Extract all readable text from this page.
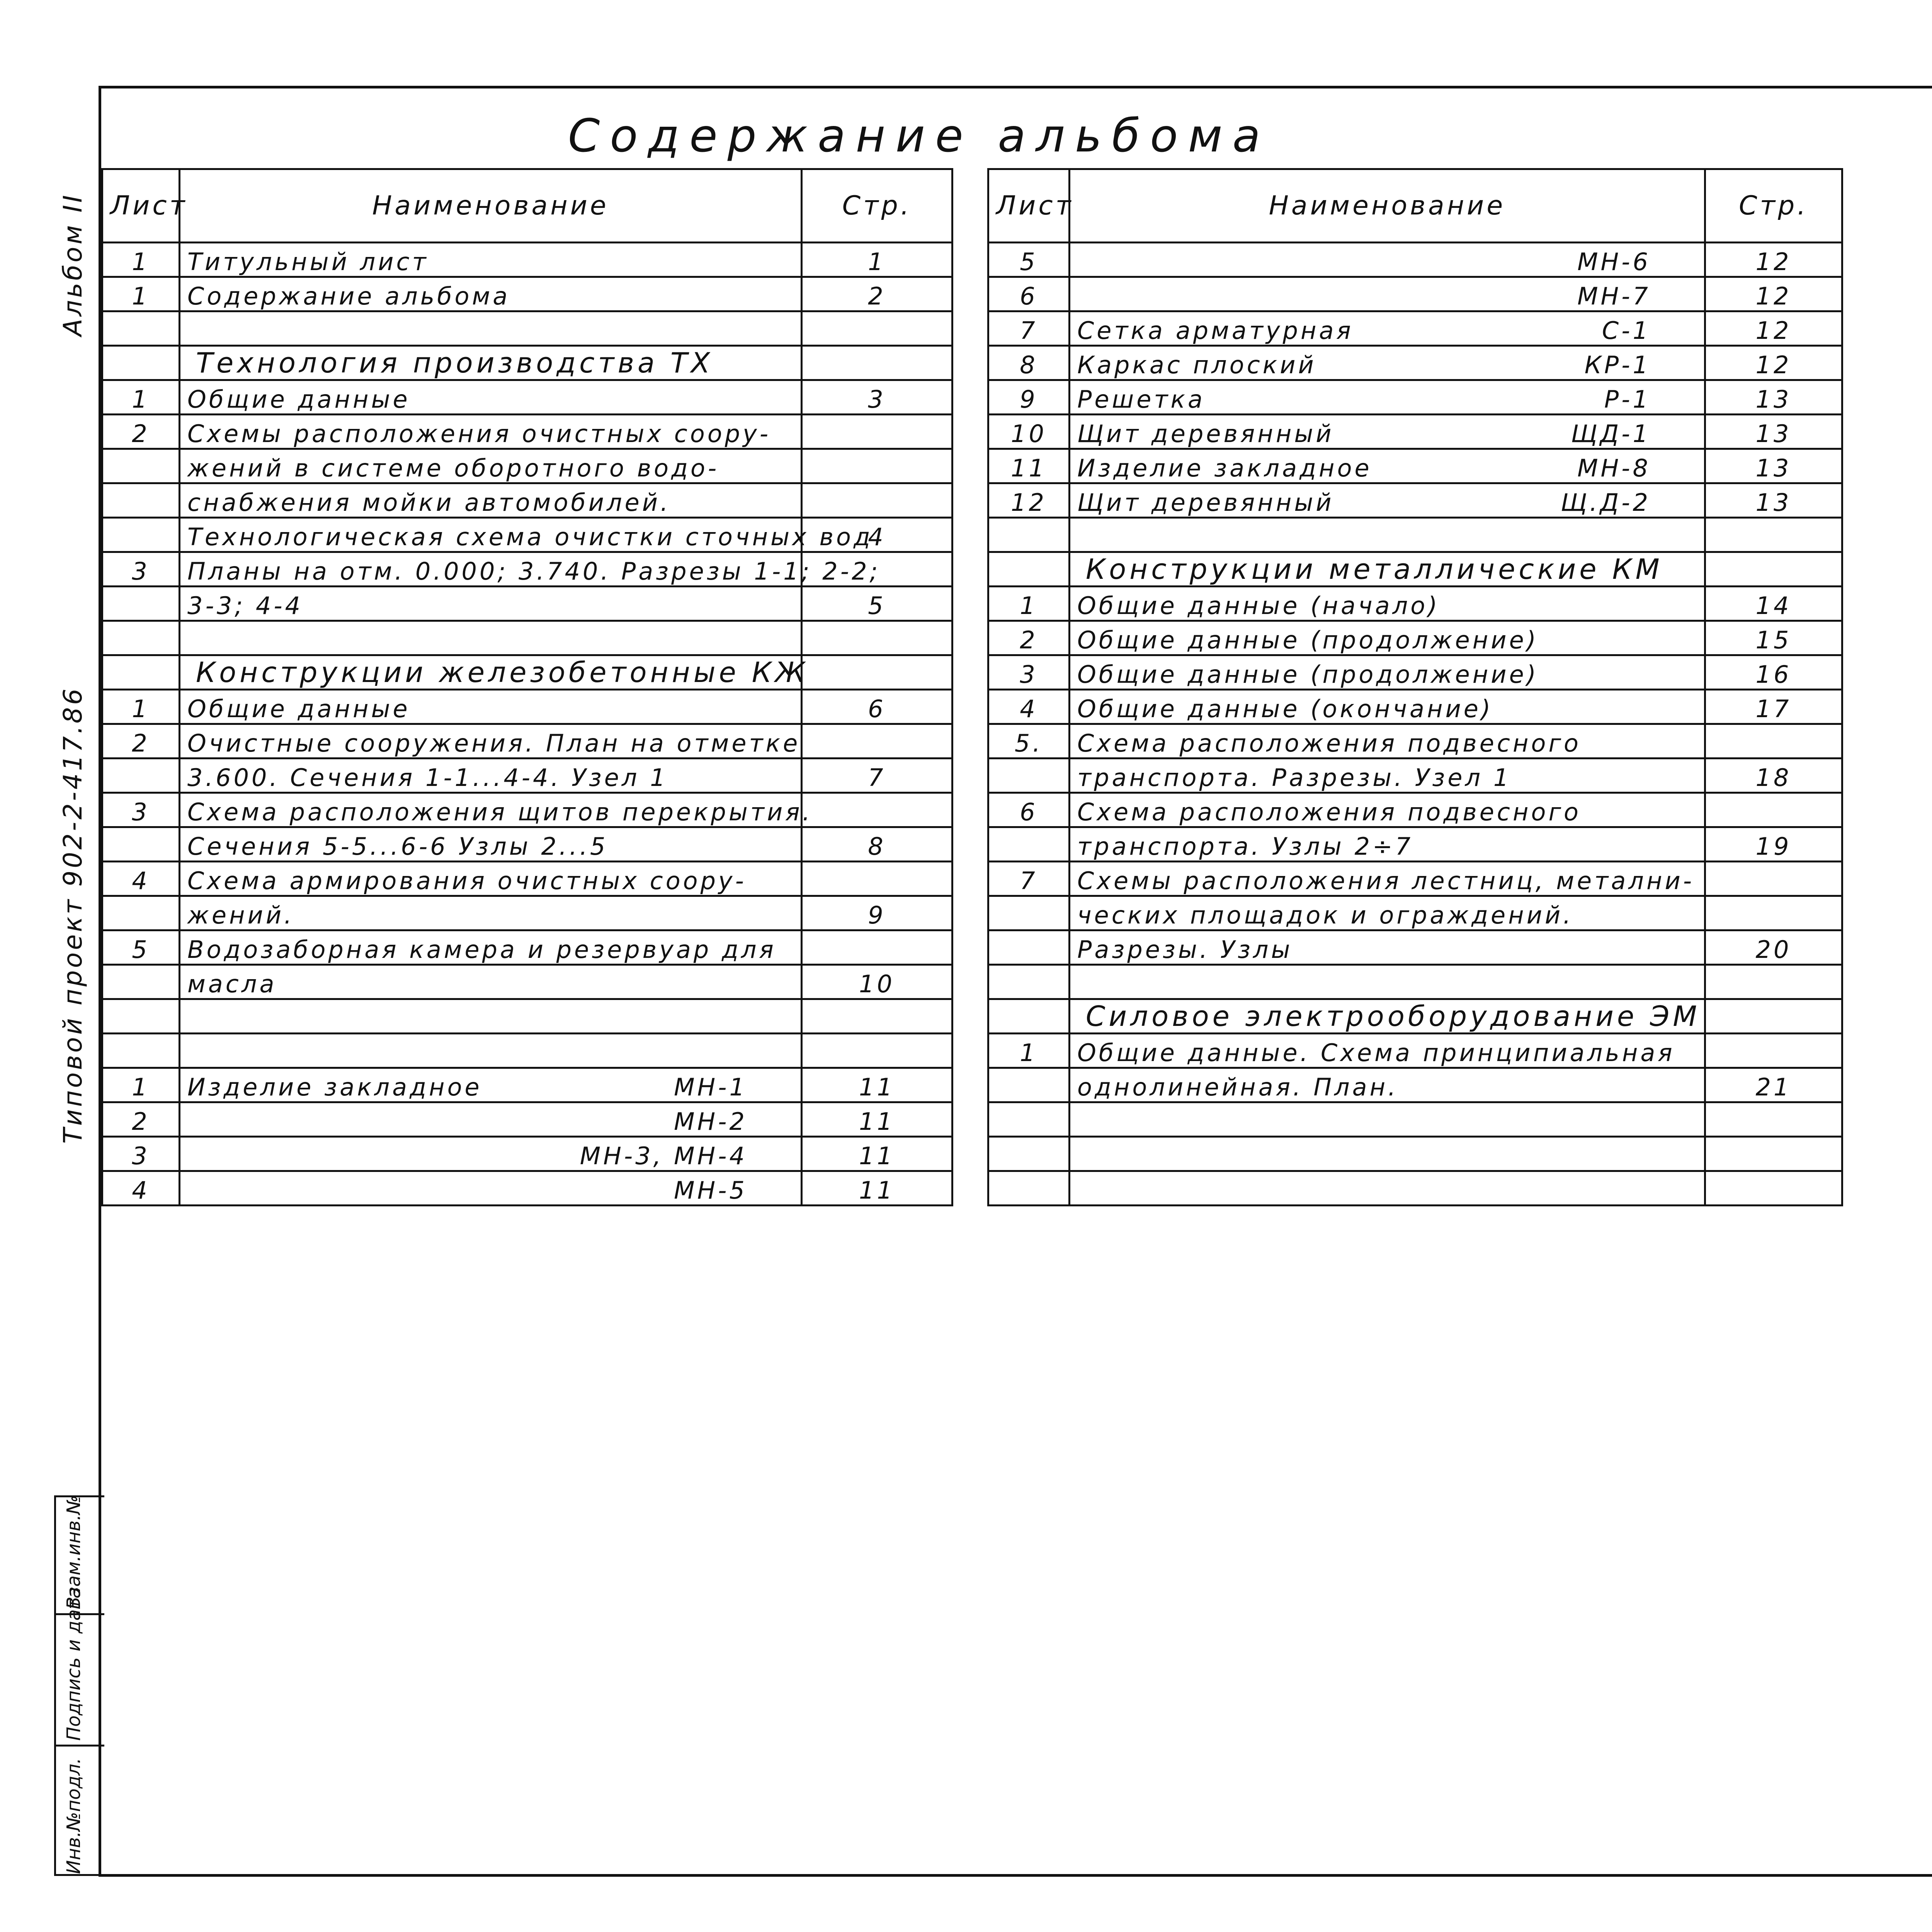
Содержание альбома
Альбом II
Типовой проект 902-2-417.86
Инв.№подл.
Подпись и дата
Взам.инв.№
Лист	Наименование	Стр.
1	Титульный лист	1
1	Содержание альбома	2

	Технология производства ТХ	
1	Общие данные	3
2	Схемы расположения очистных соору-	
	жений в системе оборотного водо-	
	снабжения мойки автомобилей.	
	Технологическая схема очистки сточных вод	4
3	Планы на отм. 0.000; 3.740. Разрезы 1-1; 2-2;	
	3-3; 4-4	5

	Конструкции железобетонные КЖ	
1	Общие данные	6
2	Очистные сооружения. План на отметке	
	3.600. Сечения 1-1...4-4. Узел 1	7
3	Схема расположения щитов перекрытия.	
	Сечения 5-5...6-6 Узлы 2...5	8
4	Схема армирования очистных соору-	
	жений.	9
5	Водозаборная камера и резервуар для	
	масла	10

1	Изделие закладное МН-1	11
2	МН-2	11
3	МН-3, МН-4	11
4	МН-5	11
Лист	Наименование	Стр.
5	МН-6	12
6	МН-7	12
7	Сетка арматурная С-1	12
8	Каркас плоский КР-1	12
9	Решетка Р-1	13
10	Щит деревянный ЩД-1	13
11	Изделие закладное МН-8	13
12	Щит деревянный Щ.Д-2	13

	Конструкции металлические КМ	
1	Общие данные (начало)	14
2	Общие данные (продолжение)	15
3	Общие данные (продолжение)	16
4	Общие данные (окончание)	17
5.	Схема расположения подвесного	
	транспорта. Разрезы. Узел 1	18
6	Схема расположения подвесного	
	транспорта. Узлы 2÷7	19
7	Схемы расположения лестниц, метални-	
	ческих площадок и ограждений.	
	Разрезы. Узлы	20

	Силовое электрооборудование ЭМ	
1	Общие данные. Схема принципиальная	
	однолинейная. План.	21
